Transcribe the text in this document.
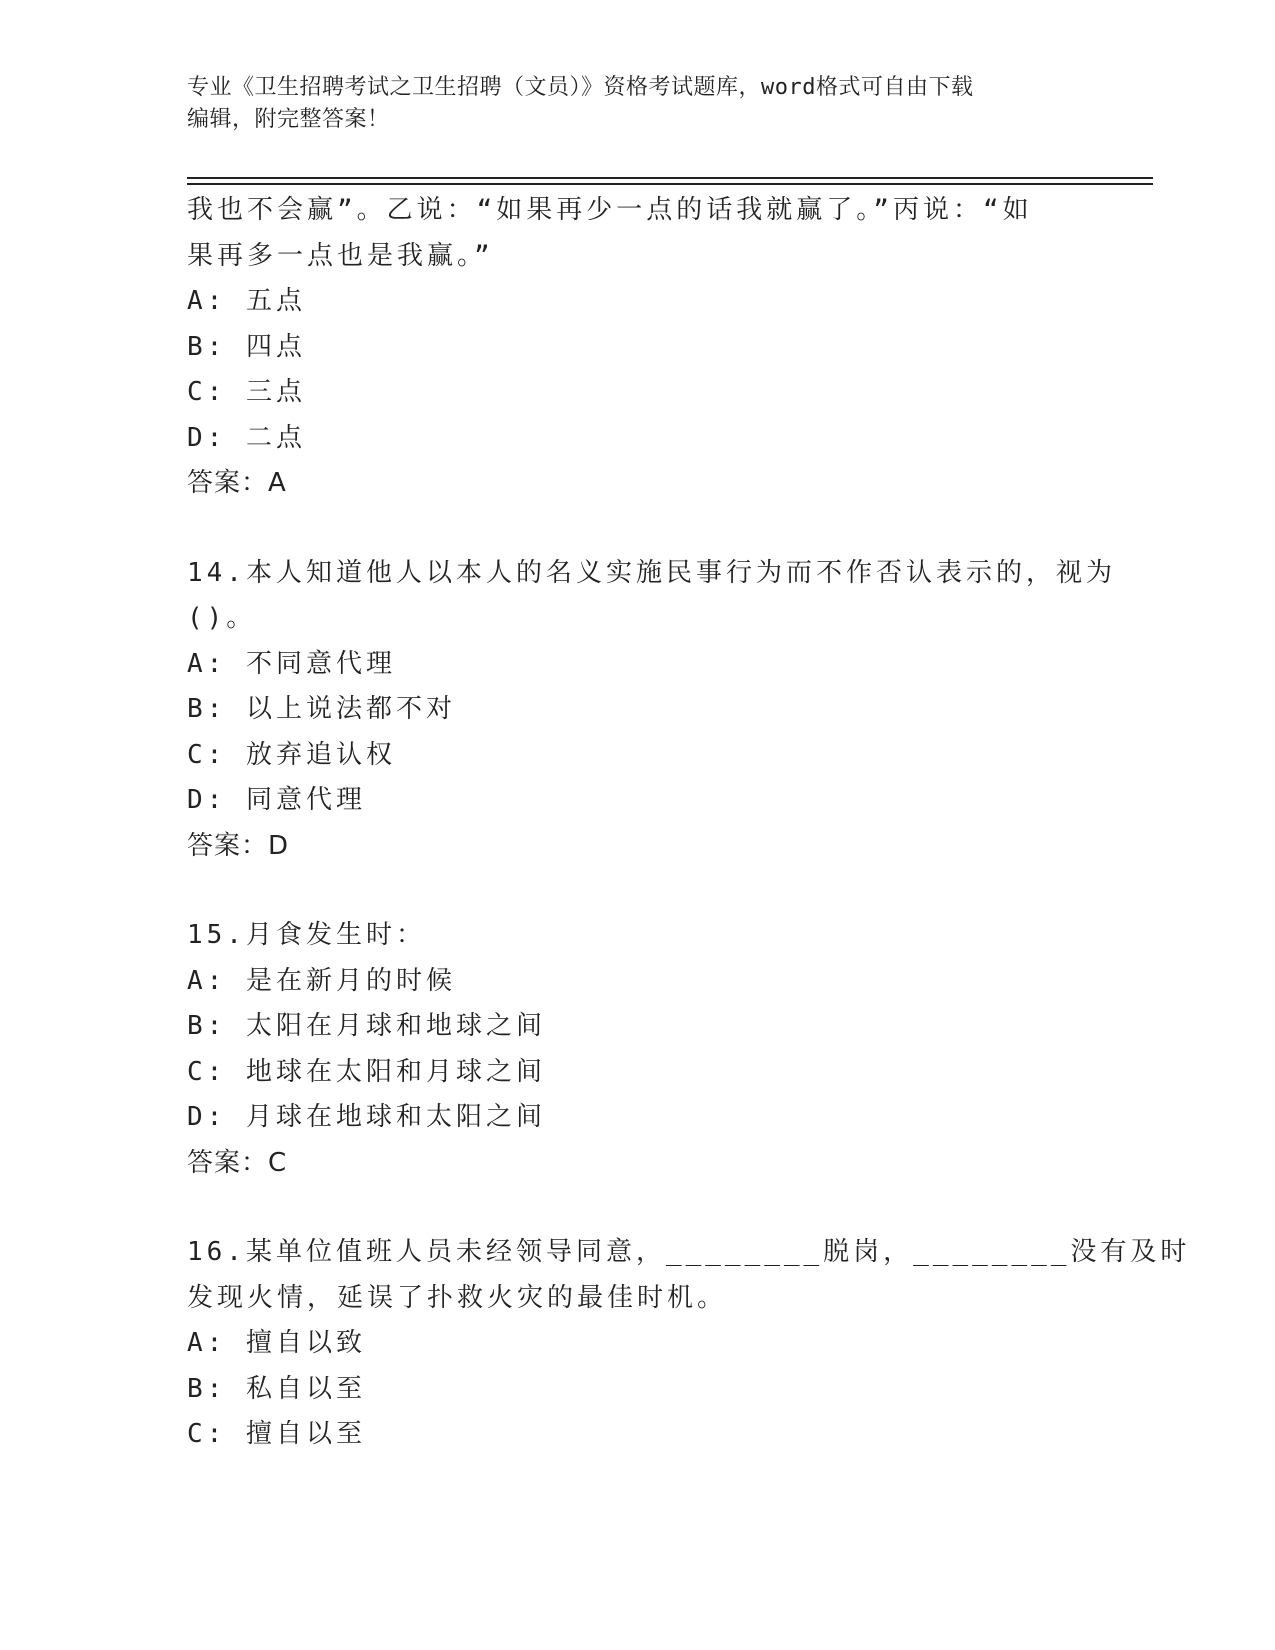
专业《卫生招聘考试之卫生招聘（文员）》资格考试题库，word格式可自由下载
编辑，附完整答案！
我也不会赢”。乙说：“如果再少一点的话我就赢了。”丙说：“如
果再多一点也是我赢。”
A: 五点
B: 四点
C: 三点
D: 二点
答案：A
14.本人知道他人以本人的名义实施民事行为而不作否认表示的，视为
()。
A: 不同意代理
B: 以上说法都不对
C: 放弃追认权
D: 同意代理
答案：D
15.月食发生时：
A: 是在新月的时候
B: 太阳在月球和地球之间
C: 地球在太阳和月球之间
D: 月球在地球和太阳之间
答案：C
16.某单位值班人员未经领导同意，________脱岗，________没有及时
发现火情，延误了扑救火灾的最佳时机。
A: 擅自以致
B: 私自以至
C: 擅自以至
